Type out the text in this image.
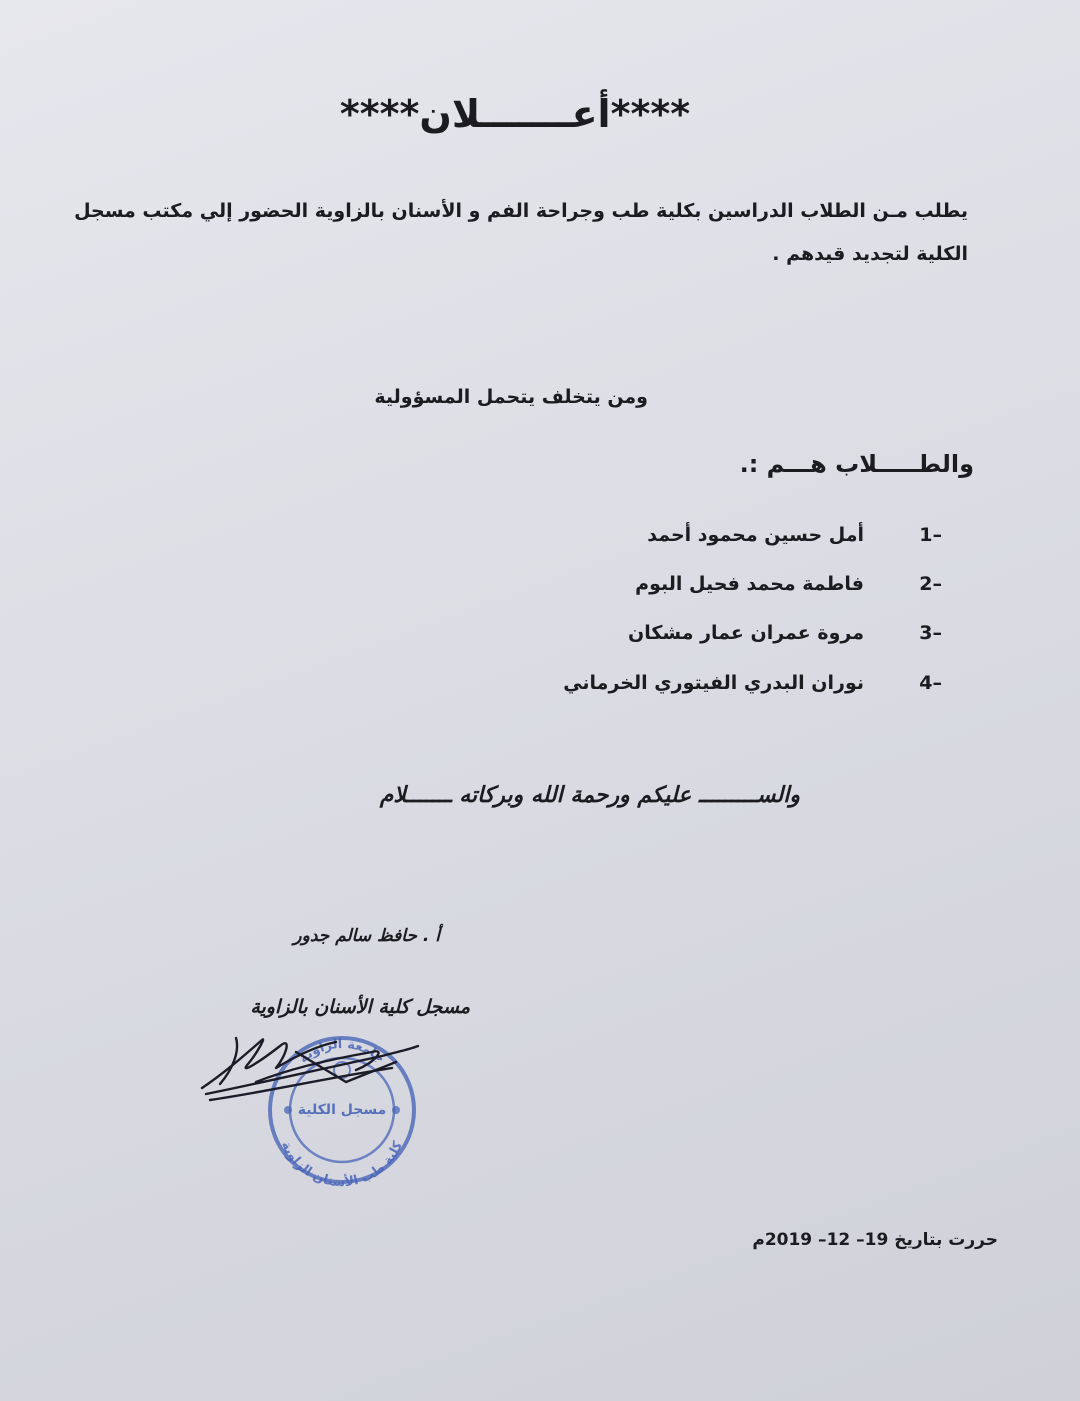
****أعـــــــلان****
يطلب مـن الطلاب الدراسين بكلية طب وجراحة الفم و الأسنان بالزاوية الحضور إلي مكتب مسجل
الكلية لتجديد قيدهم .
ومن يتخلف يتحمل المسؤولية
والطـــــلاب هـــم :.
1–
أمل حسين محمود أحمد
2–
فاطمة محمد فحيل البوم
3–
مروة عمران عمار مشكان
4–
نوران البدري الفيتوري الخرماني
والســـــــــ عليكم ورحمة الله وبركاته ـــــــلام
أ . حافظ سالم جدور
مسجل كلية الأسنان بالزاوية
جامعة الزاوية
كلية طب الأسنان الزاوية
مسجل الكلية
حررت بتاريخ 19– 12– 2019م
